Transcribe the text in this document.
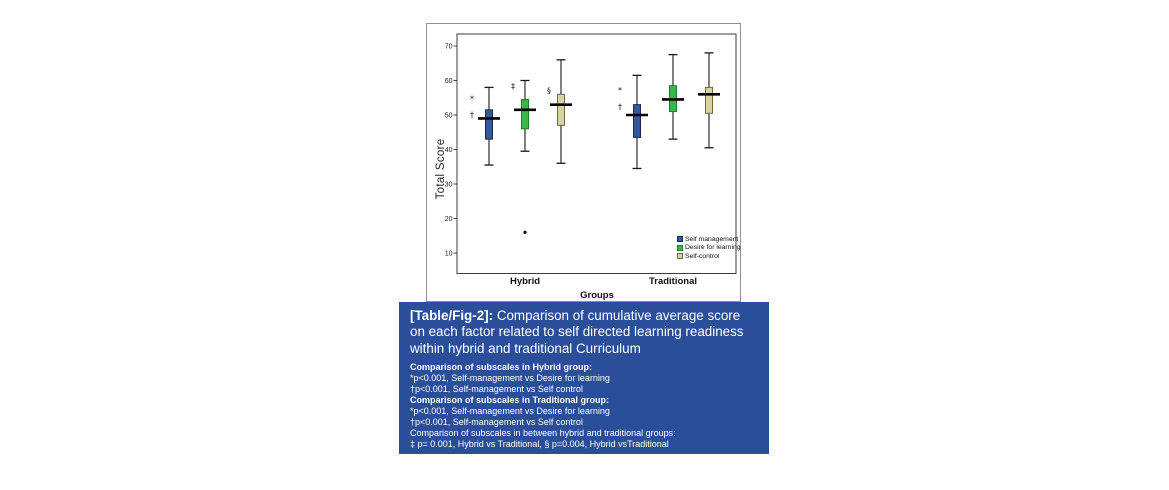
10
20
30
40
50
60
70
*
†
*
†
‡	§
Total Score
Hybrid	Traditional
Groups
Self management
Desire for learning
Self-control
[Table/Fig-2]: Comparison of cumulative average score on each factor related to self directed learning readiness within hybrid and traditional Curriculum
Comparison of subscales in Hybrid group:
*p<0.001, Self-management vs Desire for learning
†p<0.001, Self-management vs Self control
Comparison of subscales in Traditional group:
*p<0.001, Self-management vs Desire for learning
†p<0.001, Self-management vs Self control
Comparison of subscales in between hybrid and traditional groups:
‡ p= 0.001, Hybrid vs Traditional, § p=0.004, Hybrid vsTraditional
